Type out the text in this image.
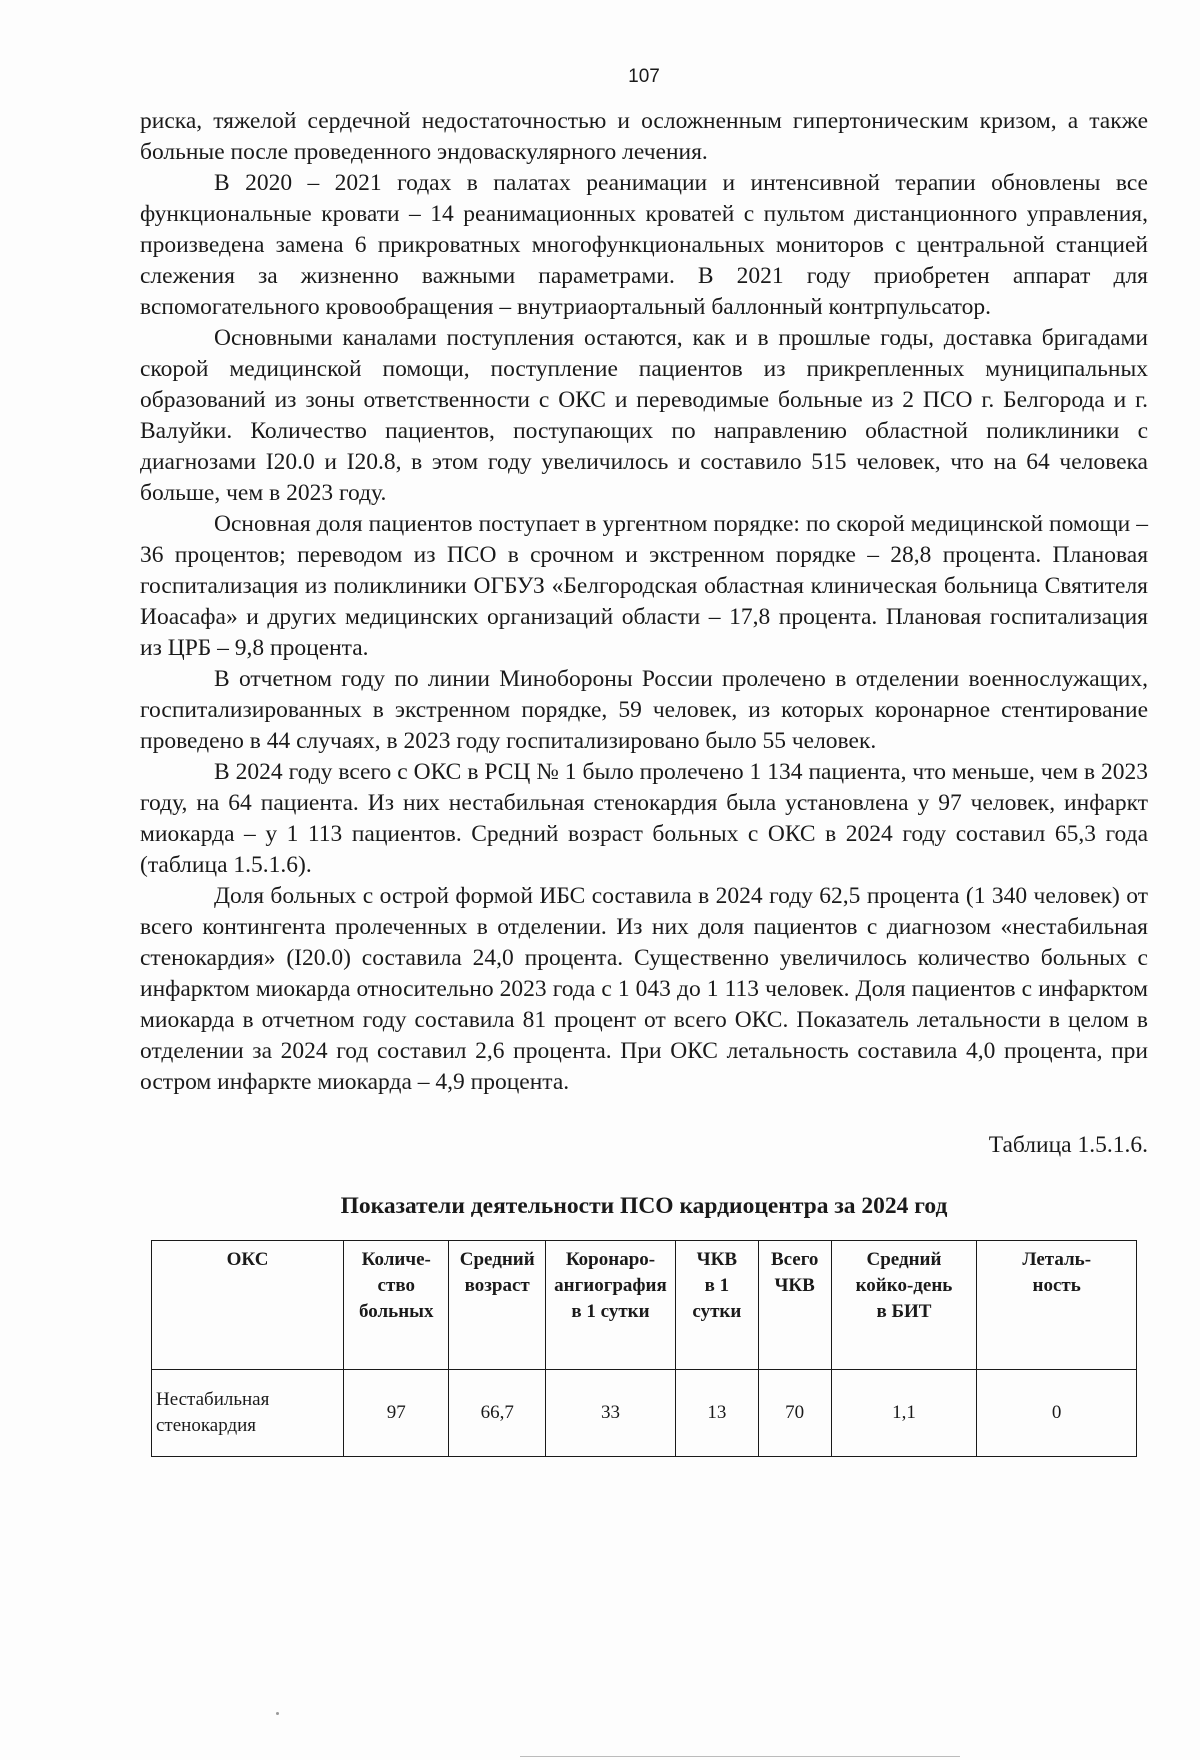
107

риска, тяжелой сердечной недостаточностью и осложненным гипертоническим кризом, а также больные после проведенного эндоваскулярного лечения.

В 2020 – 2021 годах в палатах реанимации и интенсивной терапии обновлены все функциональные кровати – 14 реанимационных кроватей с пультом дистанционного управления, произведена замена 6 прикроватных многофункциональных мониторов с центральной станцией слежения за жизненно важными параметрами. В 2021 году приобретен аппарат для вспомогательного кровообращения – внутриаортальный баллонный контрпульсатор.

Основными каналами поступления остаются, как и в прошлые годы, доставка бригадами скорой медицинской помощи, поступление пациентов из прикрепленных муниципальных образований из зоны ответственности с ОКС и переводимые больные из 2 ПСО г. Белгорода и г. Валуйки. Количество пациентов, поступающих по направлению областной поликлиники с диагнозами I20.0 и I20.8, в этом году увеличилось и составило 515 человек, что на 64 человека больше, чем в 2023 году.

Основная доля пациентов поступает в ургентном порядке: по скорой медицинской помощи – 36 процентов; переводом из ПСО в срочном и экстренном порядке – 28,8 процента. Плановая госпитализация из поликлиники ОГБУЗ «Белгородская областная клиническая больница Святителя Иоасафа» и других медицинских организаций области – 17,8 процента. Плановая госпитализация из ЦРБ – 9,8 процента.

В отчетном году по линии Минобороны России пролечено в отделении военнослужащих, госпитализированных в экстренном порядке, 59 человек, из которых коронарное стентирование проведено в 44 случаях, в 2023 году госпитализировано было 55 человек.

В 2024 году всего с ОКС в РСЦ № 1 было пролечено 1 134 пациента, что меньше, чем в 2023 году, на 64 пациента. Из них нестабильная стенокардия была установлена у 97 человек, инфаркт миокарда – у 1 113 пациентов. Средний возраст больных с ОКС в 2024 году составил 65,3 года (таблица 1.5.1.6).

Доля больных с острой формой ИБС составила в 2024 году 62,5 процента (1 340 человек) от всего контингента пролеченных в отделении. Из них доля пациентов с диагнозом «нестабильная стенокардия» (I20.0) составила 24,0 процента. Существенно увеличилось количество больных с инфарктом миокарда относительно 2023 года с 1 043 до 1 113 человек. Доля пациентов с инфарктом миокарда в отчетном году составила 81 процент от всего ОКС. Показатель летальности в целом в отделении за 2024 год составил 2,6 процента. При ОКС летальность составила 4,0 процента, при остром инфаркте миокарда – 4,9 процента.

Таблица 1.5.1.6.
Показатели деятельности ПСО кардиоцентра за 2024 год
ОКС	Количе-
ство
больных	Средний
возраст	Коронаро-
ангиография
в 1 сутки	ЧКВ
в 1
сутки	Всего
ЧКВ	Средний
койко-день
в БИТ	Леталь-
ность
Нестабильная
стенокардия	97	66,7	33	13	70	1,1	0
